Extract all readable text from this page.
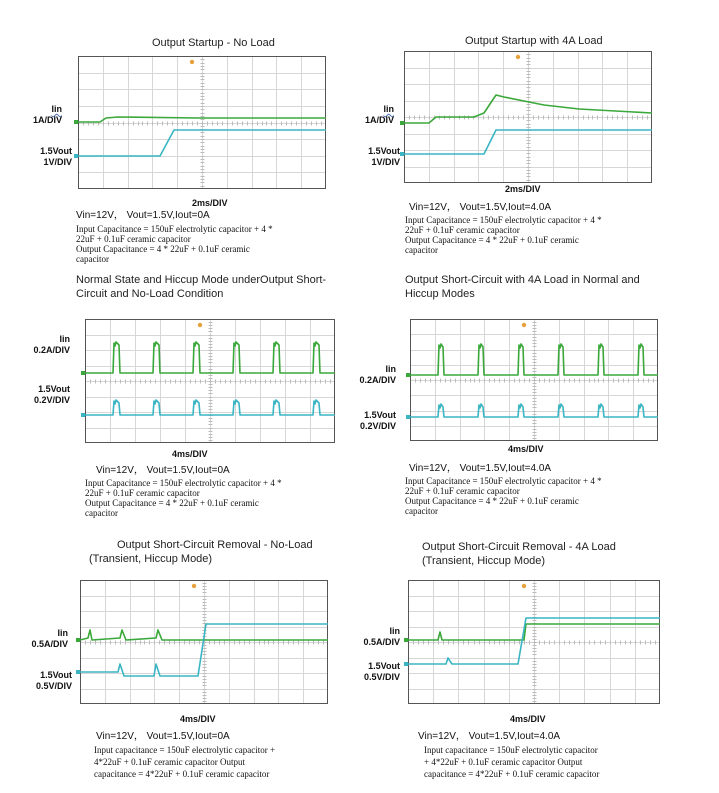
Output Startup - No Load
Iin
1A/DIV
1.5Vout
1V/DIV
2ms/DIV
Vin=12V， Vout=1.5V,Iout=0A
Input Capacitance = 150uF electrolytic capacitor + 4 *
22uF + 0.1uF ceramic capacitor
Output Capacitance = 4 * 22uF + 0.1uF ceramic
capacitor
Output Startup with 4A Load
Iin
1A/DIV
1.5Vout
1V/DIV
2ms/DIV
Vin=12V， Vout=1.5V,Iout=4.0A
Input Capacitance = 150uF electrolytic capacitor + 4 *
22uF + 0.1uF ceramic capacitor
Output Capacitance = 4 * 22uF + 0.1uF ceramic
capacitor
Normal State and Hiccup Mode underOutput Short-
Circuit and No-Load Condition
Iin
0.2A/DIV
1.5Vout
0.2V/DIV
4ms/DIV
Vin=12V， Vout=1.5V,Iout=0A
Input Capacitance = 150uF electrolytic capacitor + 4 *
22uF + 0.1uF ceramic capacitor
Output Capacitance = 4 * 22uF + 0.1uF ceramic
capacitor
Output Short-Circuit with 4A Load in Normal and
Hiccup Modes
Iin
0.2A/DIV
1.5Vout
0.2V/DIV
4ms/DIV
Vin=12V， Vout=1.5V,Iout=4.0A
Input Capacitance = 150uF electrolytic capacitor + 4 *
22uF + 0.1uF ceramic capacitor
Output Capacitance = 4 * 22uF + 0.1uF ceramic
capacitor
Output Short-Circuit Removal - No-Load
(Transient, Hiccup Mode)
Iin
0.5A/DIV
1.5Vout
0.5V/DIV
4ms/DIV
Vin=12V， Vout=1.5V,Iout=0A
Input capacitance = 150uF electrolytic capacitor +
4*22uF + 0.1uF ceramic capacitor Output
capacitance = 4*22uF + 0.1uF ceramic capacitor
Output Short-Circuit Removal - 4A Load
(Transient, Hiccup Mode)
Iin
0.5A/DIV
1.5Vout
0.5V/DIV
4ms/DIV
Vin=12V， Vout=1.5V,Iout=4.0A
Input capacitance = 150uF electrolytic capacitor
+ 4*22uF + 0.1uF ceramic capacitor Output
capacitance = 4*22uF + 0.1uF ceramic capacitor
